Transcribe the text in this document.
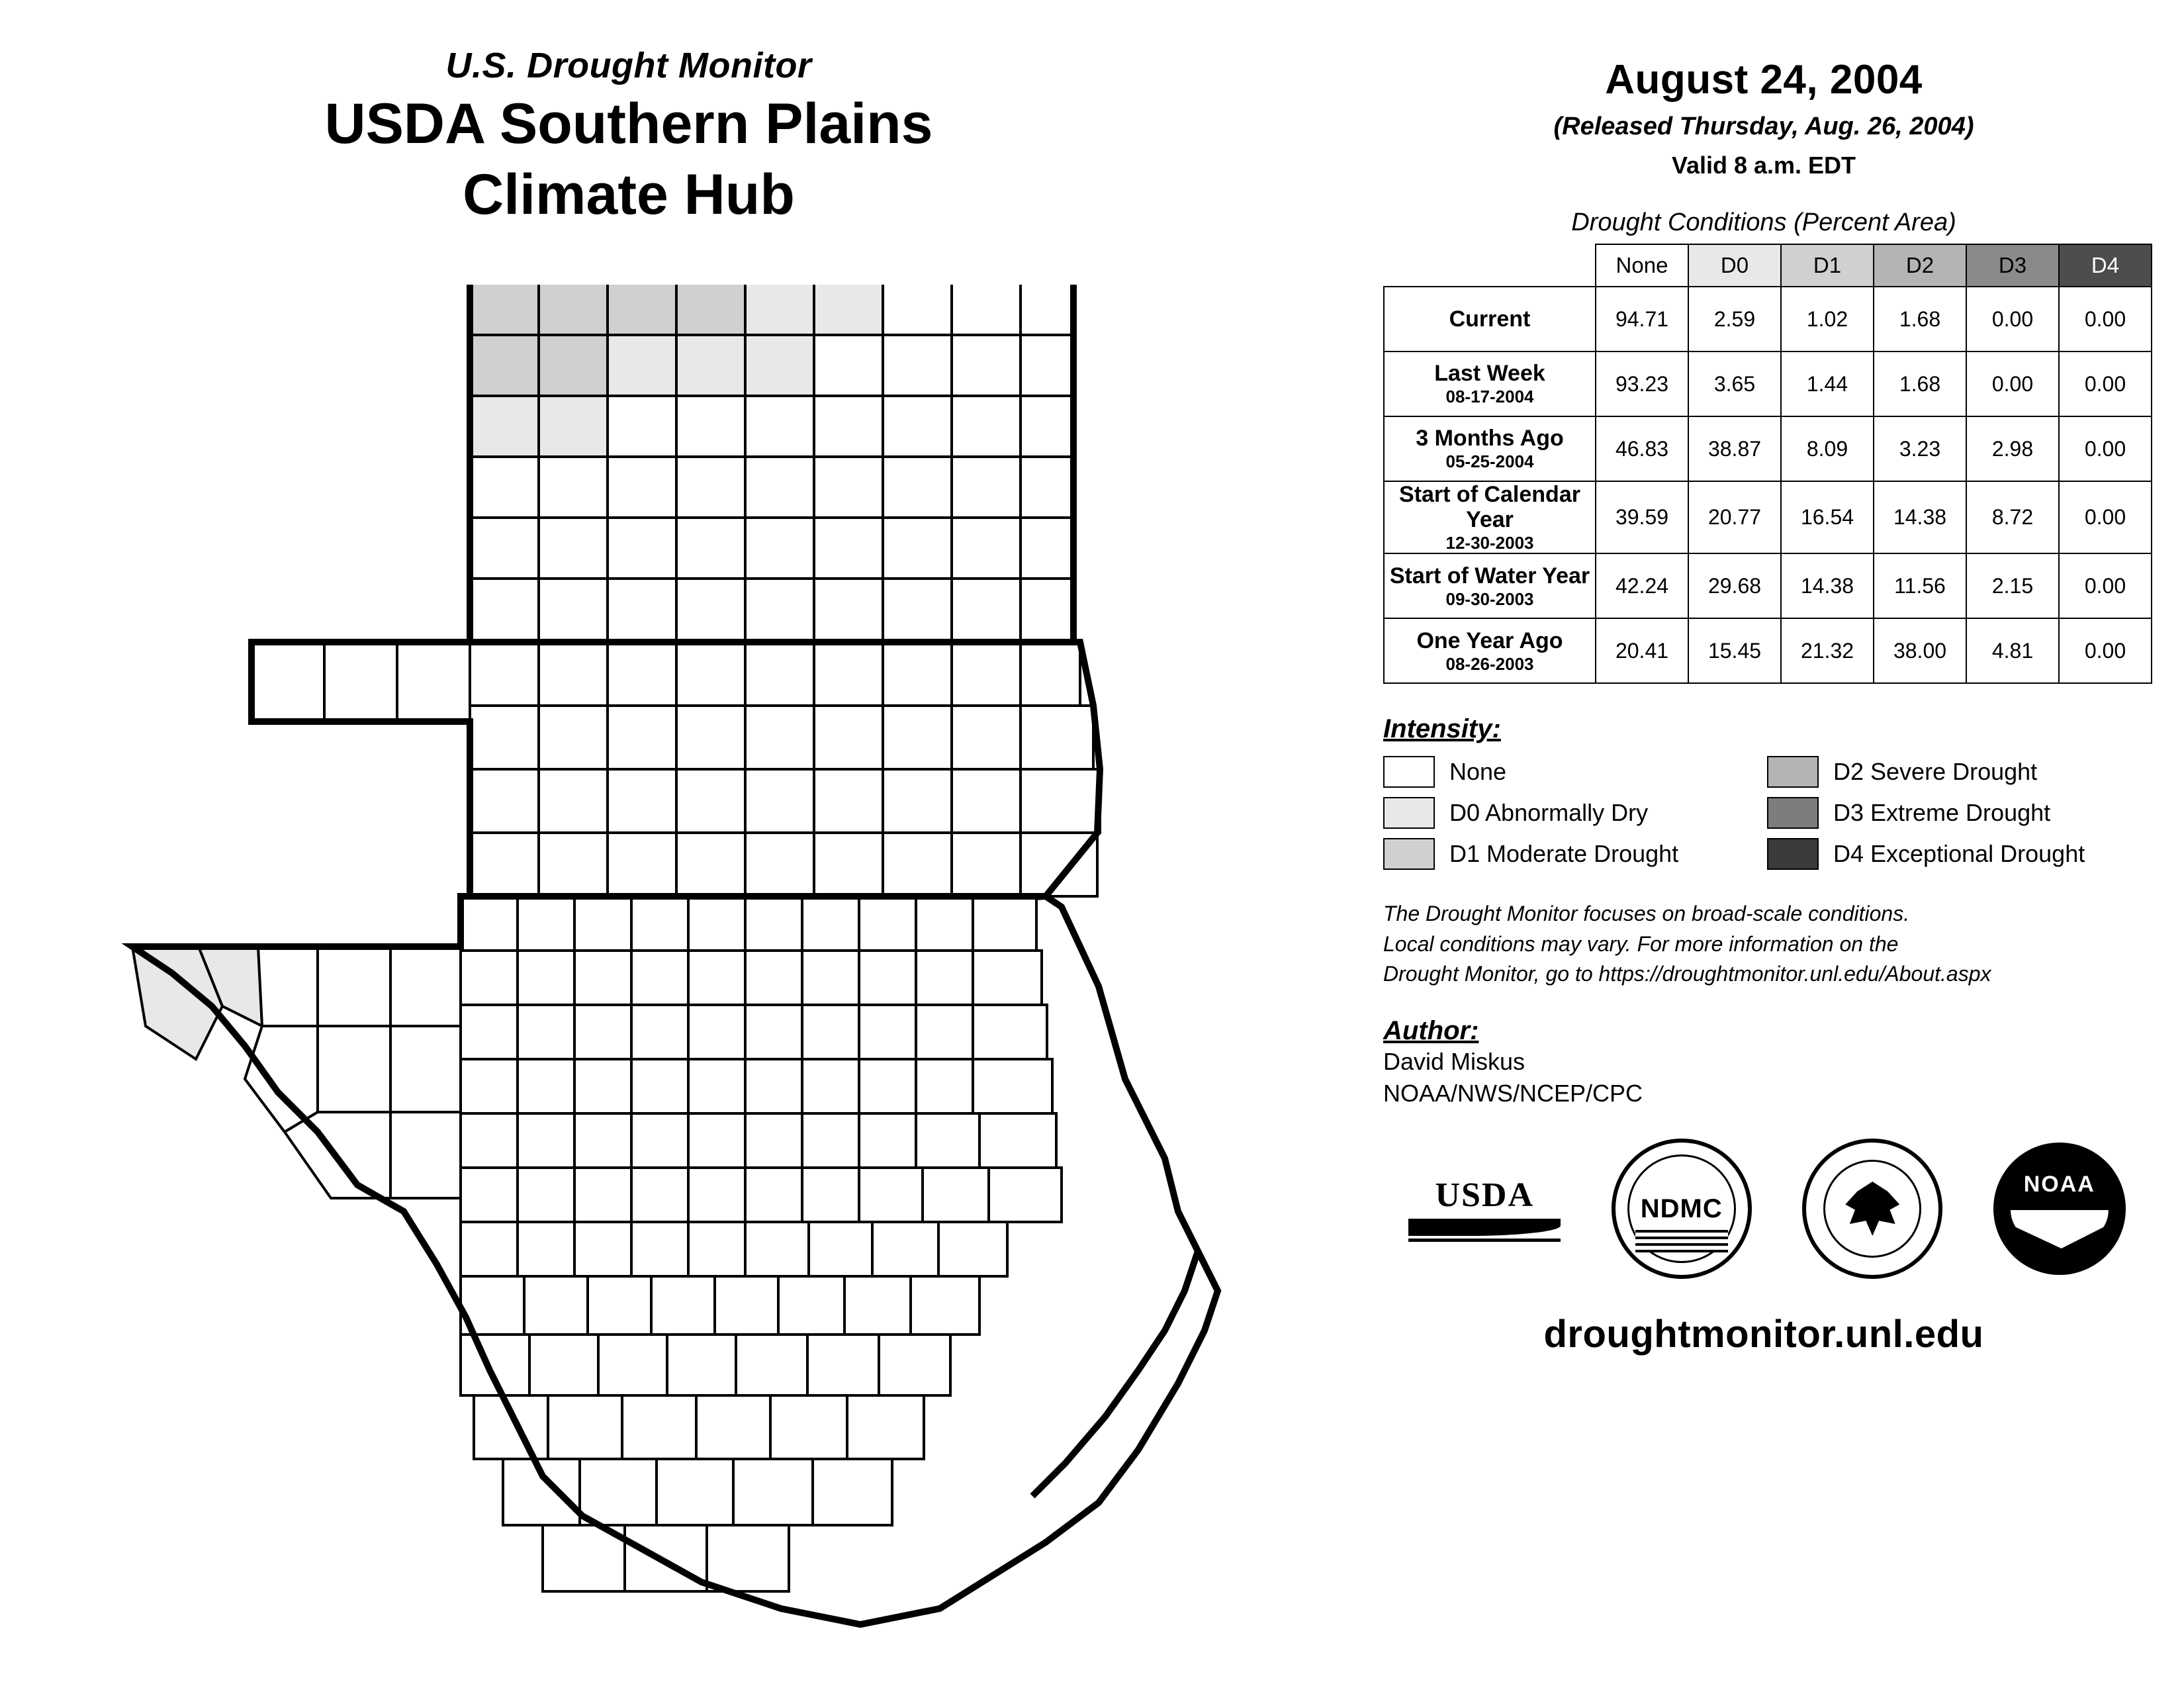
U.S. Drought Monitor
USDA Southern Plains
Climate Hub
August 24, 2004
(Released Thursday, Aug. 26, 2004)
Valid 8 a.m. EDT
Drought Conditions (Percent Area)
	None	D0	D1	D2	D3	D4

Current	94.71	2.59	1.02	1.68	0.00	0.00

Last Week
08-17-2004	93.23	3.65	1.44	1.68	0.00	0.00

3 Months Ago
05-25-2004	46.83	38.87	8.09	3.23	2.98	0.00

Start of Calendar Year
12-30-2003	39.59	20.77	16.54	14.38	8.72	0.00

Start of Water Year
09-30-2003	42.24	29.68	14.38	11.56	2.15	0.00

One Year Ago
08-26-2003	20.41	15.45	21.32	38.00	4.81	0.00
Intensity:
None	D2 Severe Drought
D0 Abnormally Dry	D3 Extreme Drought
D1 Moderate Drought	D4 Exceptional Drought
The Drought Monitor focuses on broad-scale conditions.
Local conditions may vary. For more information on the
Drought Monitor, go to https://droughtmonitor.unl.edu/About.aspx
Author:
David Miskus
NOAA/NWS/NCEP/CPC
USDA	NDMC
NOAA
droughtmonitor.unl.edu
